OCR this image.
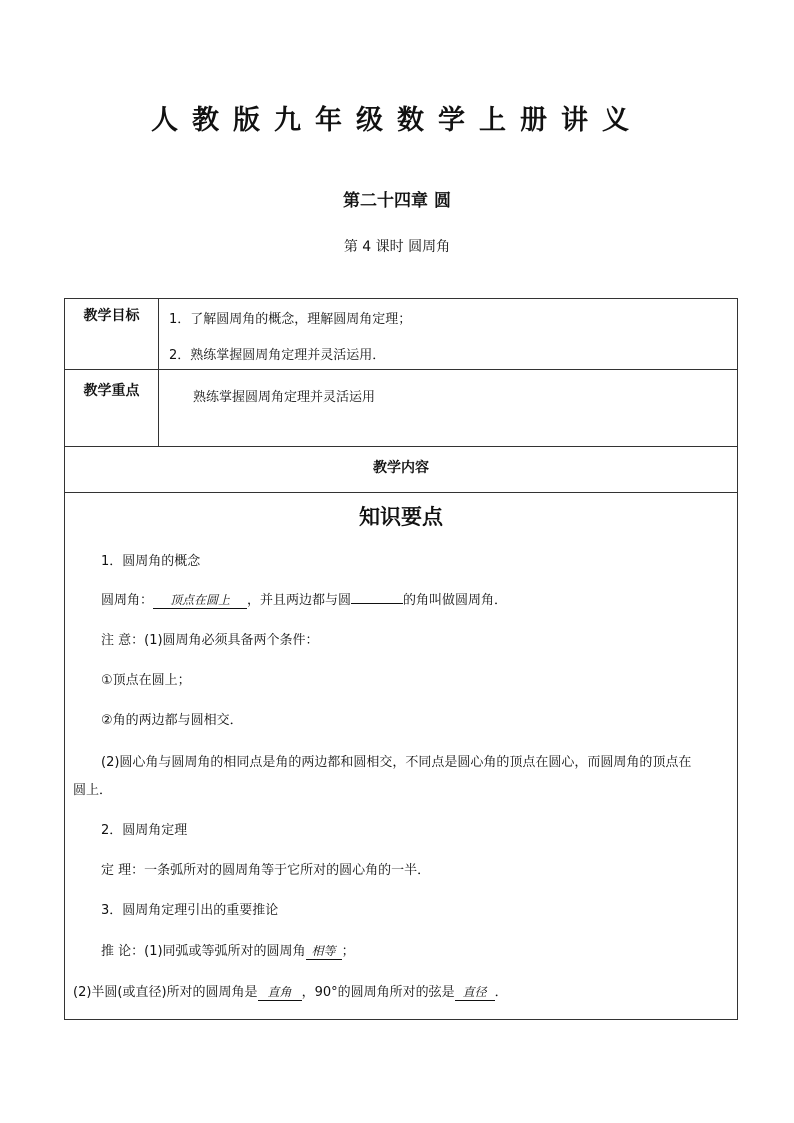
人教版九年级数学上册讲义
第二十四章 圆
第 4 课时 圆周角
教学目标	1．了解圆周角的概念，理解圆周角定理；
2．熟练掌握圆周角定理并灵活运用．
教学重点	熟练掌握圆周角定理并灵活运用
教学内容
知识要点
1．圆周角的概念
圆周角： 顶点在圆上 ，并且两边都与圆	的角叫做圆周角．
注 意：(1)圆周角必须具备两个条件：
①顶点在圆上；
②角的两边都与圆相交．
(2)圆心角与圆周角的相同点是角的两边都和圆相交，不同点是圆心角的顶点在圆心，而圆周角的顶点在
圆上．
2．圆周角定理
定 理：一条弧所对的圆周角等于它所对的圆心角的一半．
3．圆周角定理引出的重要推论
推 论：(1)同弧或等弧所对的圆周角 相等 ；
(2)半圆(或直径)所对的圆周角是 直角 ，90°的圆周角所对的弦是 直径 ．
